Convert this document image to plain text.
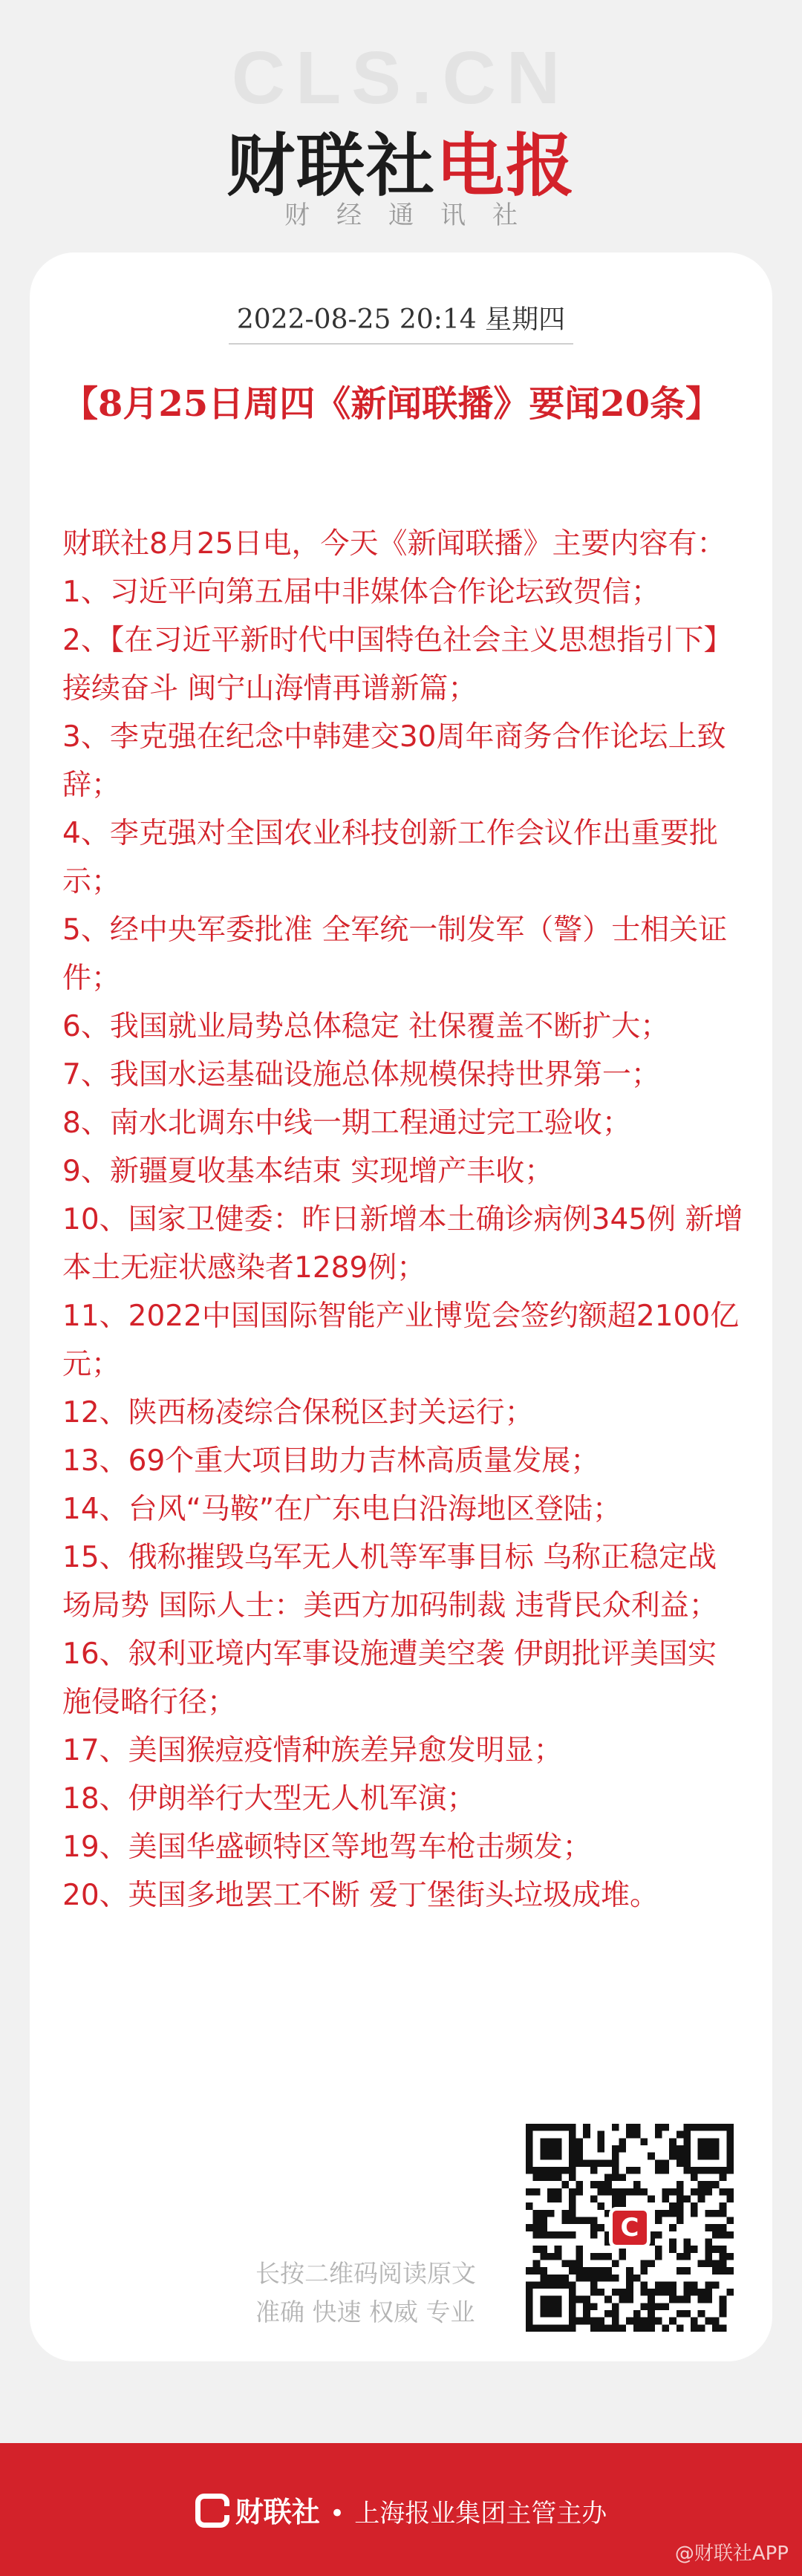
CLS.CN
财联社电报
财经通讯社
2022-08-25 20:14 星期四
【8月25日周四《新闻联播》要闻20条】

财联社8月25日电，今天《新闻联播》主要内容有：

1、习近平向第五届中非媒体合作论坛致贺信；

2、【在习近平新时代中国特色社会主义思想指引下】接续奋斗 闽宁山海情再谱新篇；

3、李克强在纪念中韩建交30周年商务合作论坛上致辞；

4、李克强对全国农业科技创新工作会议作出重要批示；

5、经中央军委批准 全军统一制发军（警）士相关证件；

6、我国就业局势总体稳定 社保覆盖不断扩大；

7、我国水运基础设施总体规模保持世界第一；

8、南水北调东中线一期工程通过完工验收；

9、新疆夏收基本结束 实现增产丰收；

10、国家卫健委：昨日新增本土确诊病例345例 新增本土无症状感染者1289例；

11、2022中国国际智能产业博览会签约额超2100亿元；

12、陕西杨凌综合保税区封关运行；

13、69个重大项目助力吉林高质量发展；

14、台风“马鞍”在广东电白沿海地区登陆；

15、俄称摧毁乌军无人机等军事目标 乌称正稳定战场局势 国际人士：美西方加码制裁 违背民众利益；

16、叙利亚境内军事设施遭美空袭 伊朗批评美国实施侵略行径；

17、美国猴痘疫情种族差异愈发明显；

18、伊朗举行大型无人机军演；

19、美国华盛顿特区等地驾车枪击频发；

20、英国多地罢工不断 爱丁堡街头垃圾成堆。

长按二维码阅读原文
准确 快速 权威 专业
C
财联社 • 上海报业集团主管主办
@财联社APP
